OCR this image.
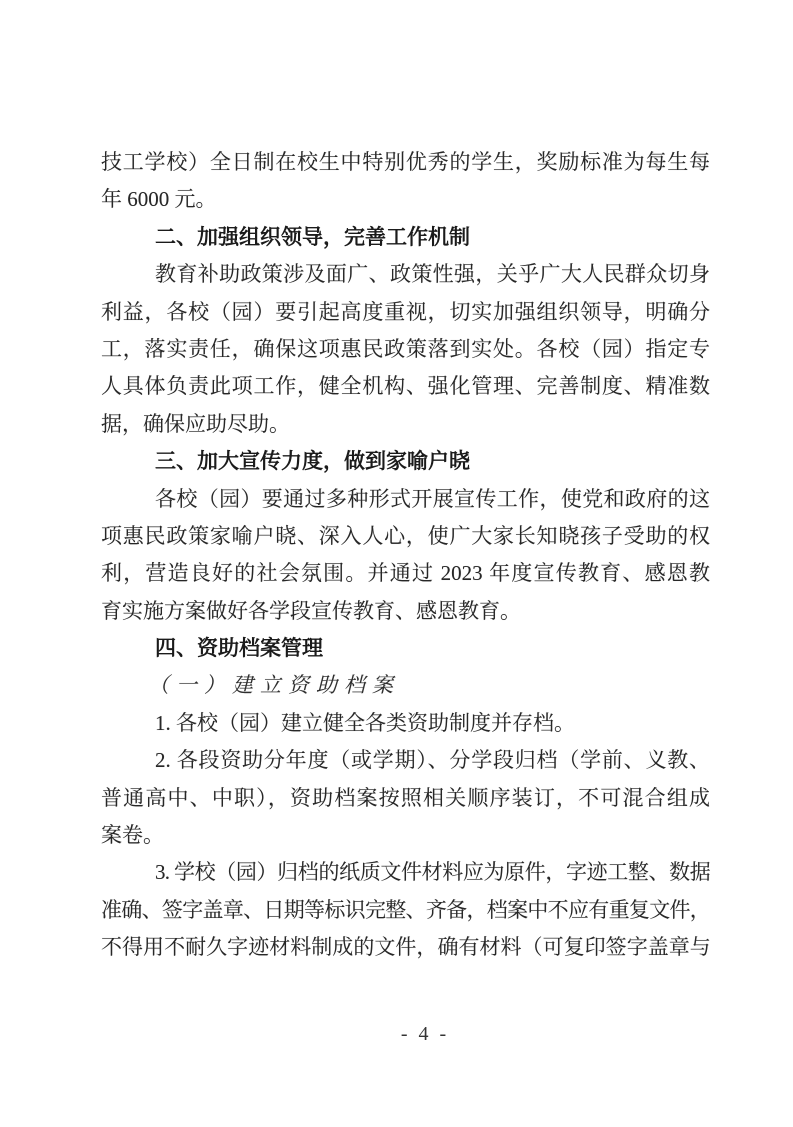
技工学校）全日制在校生中特别优秀的学生，奖励标准为每生每
年 6000 元。
二、加强组织领导，完善工作机制
教育补助政策涉及面广、政策性强，关乎广大人民群众切身
利益，各校（园）要引起高度重视，切实加强组织领导，明确分
工，落实责任，确保这项惠民政策落到实处。各校（园）指定专
人具体负责此项工作，健全机构、强化管理、完善制度、精准数
据，确保应助尽助。
三、加大宣传力度，做到家喻户晓
各校（园）要通过多种形式开展宣传工作，使党和政府的这
项惠民政策家喻户晓、深入人心，使广大家长知晓孩子受助的权
利，营造良好的社会氛围。并通过 2023 年度宣传教育、感恩教
育实施方案做好各学段宣传教育、感恩教育。
四、资助档案管理
（一）建立资助档案
1. 各校（园）建立健全各类资助制度并存档。
2. 各段资助分年度（或学期）、分学段归档（学前、义教、
普通高中、中职），资助档案按照相关顺序装订，不可混合组成
案卷。
3. 学校（园）归档的纸质文件材料应为原件，字迹工整、数据
准确、签字盖章、日期等标识完整、齐备，档案中不应有重复文件，
不得用不耐久字迹材料制成的文件，确有材料（可复印签字盖章与
- 4 -
